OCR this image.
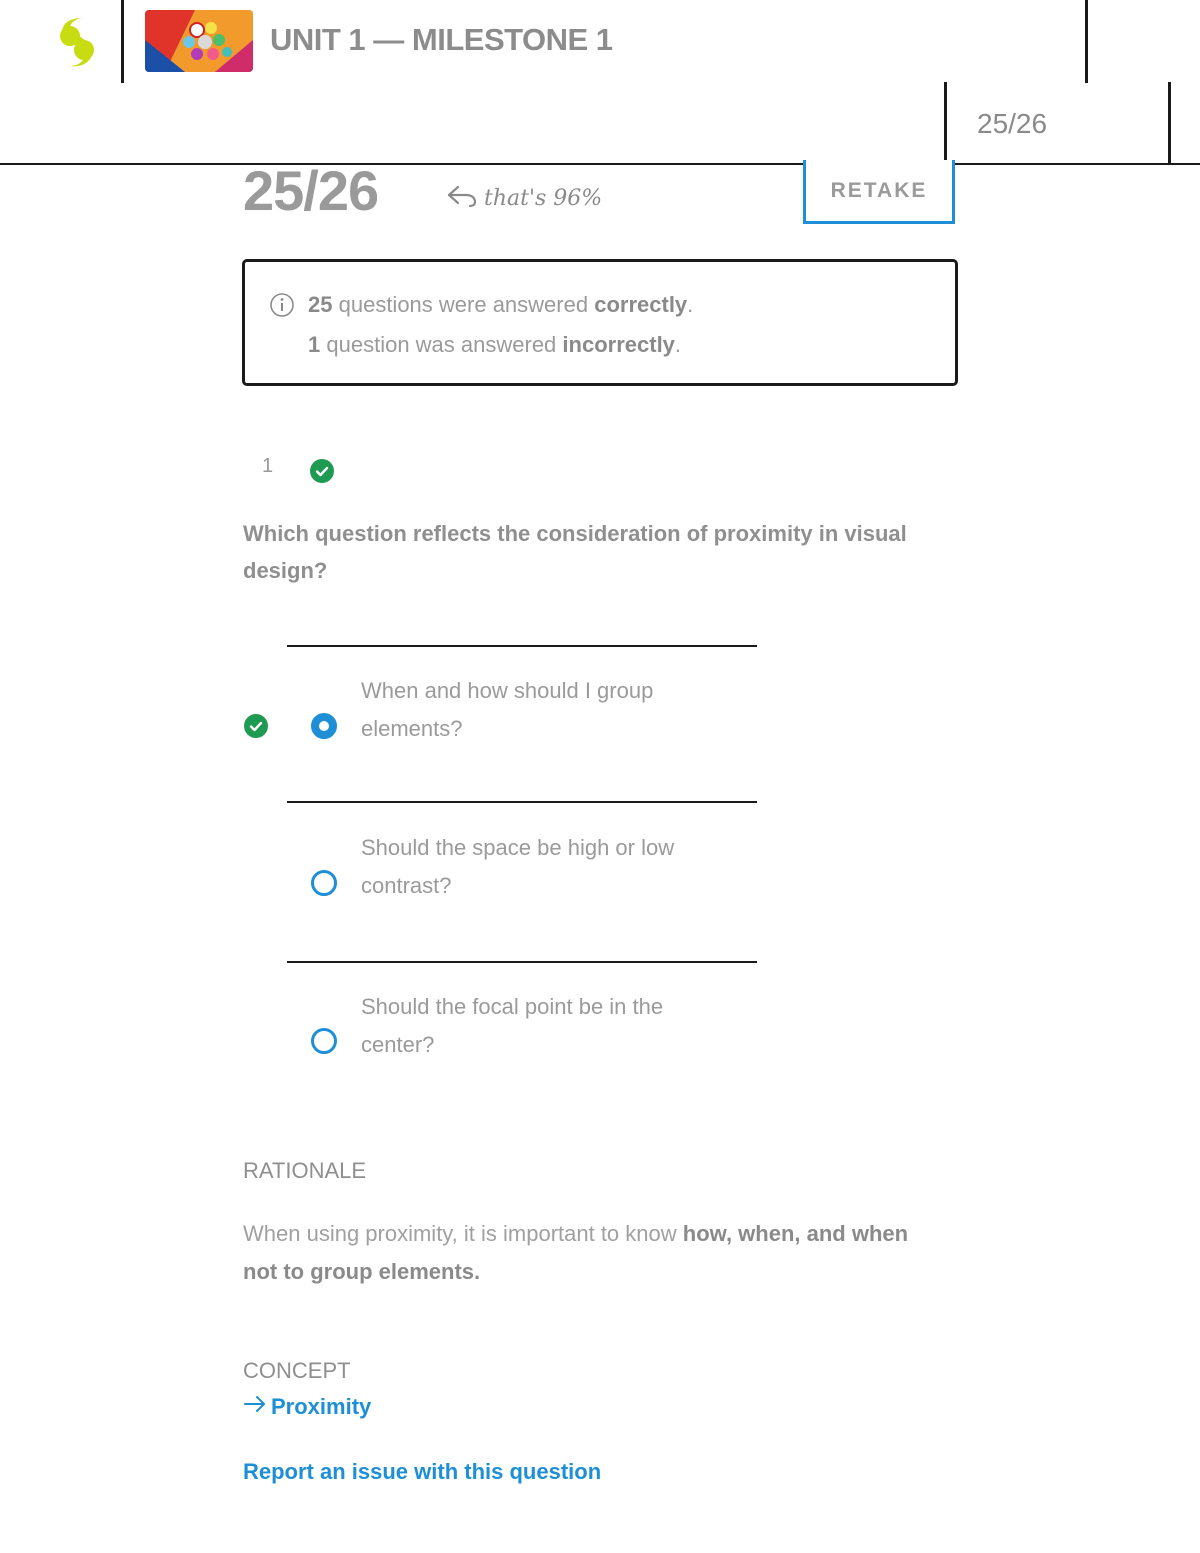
UNIT 1 — MILESTONE 1
25/26
25/26	that's 96%	RETAKE
25 questions were answered correctly.
1 question was answered incorrectly.
1
Which question reflects the consideration of proximity in visual design?
When and how should I group elements?
Should the space be high or low contrast?
Should the focal point be in the center?
RATIONALE
When using proximity, it is important to know how, when, and when not to group elements.
CONCEPT
Proximity
Report an issue with this question
